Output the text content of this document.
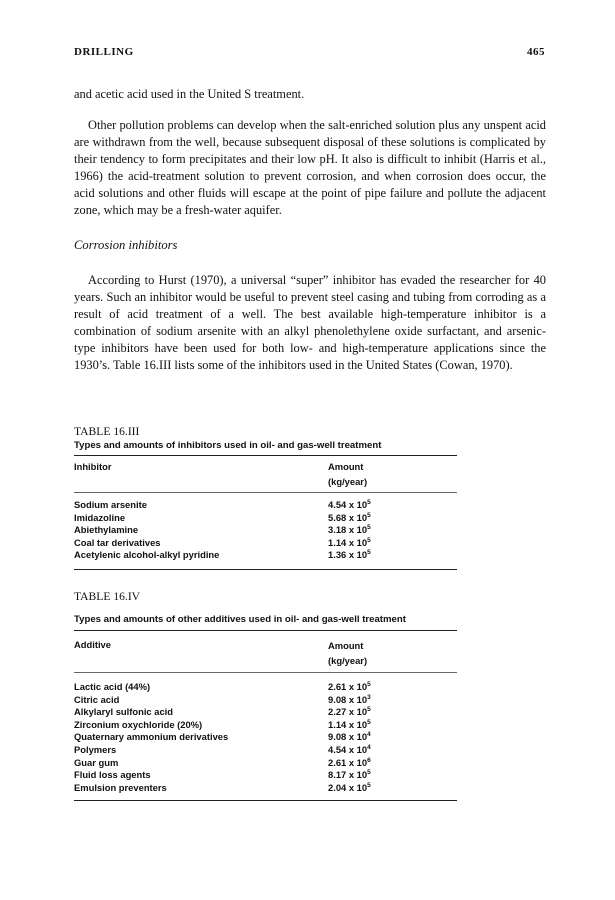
DRILLING	465
and acetic acid used in the United S treatment.
Other pollution problems can develop when the salt-enriched solution plus any unspent acid are withdrawn from the well, because subsequent disposal of these solutions is complicated by their tendency to form precipitates and their low pH. It also is difficult to inhibit (Harris et al., 1966) the acid-treatment solution to prevent corrosion, and when corrosion does occur, the acid solutions and other fluids will escape at the point of pipe failure and pollute the adjacent zone, which may be a fresh-water aquifer.
Corrosion inhibitors
According to Hurst (1970), a universal “super” inhibitor has evaded the researcher for 40 years. Such an inhibitor would be useful to prevent steel casing and tubing from corroding as a result of acid treatment of a well. The best available high-temperature inhibitor is a combination of sodium arsenite with an alkyl phenolethylene oxide surfactant, and arsenic-type inhibitors have been used for both low- and high-temperature applications since the 1930’s. Table 16.III lists some of the inhibitors used in the United States (Cowan, 1970).
TABLE 16.III
Types and amounts of inhibitors used in oil- and gas-well treatment
Inhibitor	Amount
(kg/year)
Sodium arsenite	4.54 x $10^5$
Imidazoline	5.68 x $10^5$
Abiethylamine	3.18 x $10^5$
Coal tar derivatives	1.14 x $10^5$
Acetylenic alcohol-alkyl pyridine	1.36 x $10^5$
TABLE 16.IV
Types and amounts of other additives used in oil- and gas-well treatment
Additive	Amount
(kg/year)
Lactic acid (44%)	2.61 x $10^5$
Citric acid	9.08 x $10^3$
Alkylaryl sulfonic acid	2.27 x $10^5$
Zirconium oxychloride (20%)	1.14 x $10^5$
Quaternary ammonium derivatives	9.08 x $10^4$
Polymers	4.54 x $10^4$
Guar gum	2.61 x $10^6$
Fluid loss agents	8.17 x $10^5$
Emulsion preventers	2.04 x $10^5$
